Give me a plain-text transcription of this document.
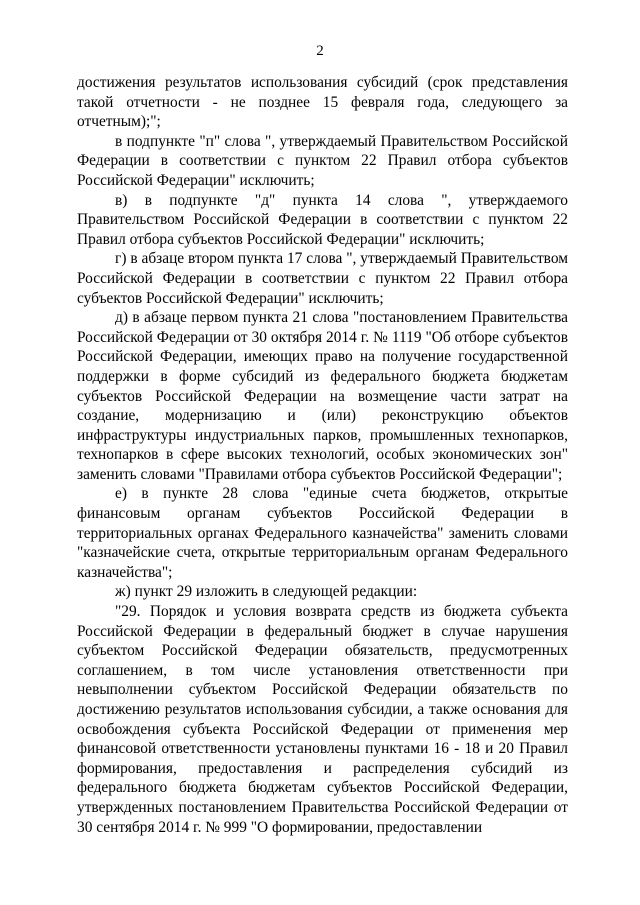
2

достижения результатов использования субсидий (срок представления такой отчетности - не позднее 15 февраля года, следующего за отчетным);";

в подпункте "п" слова ", утверждаемый Правительством Российской Федерации в соответствии с пунктом 22 Правил отбора субъектов Российской Федерации" исключить;

в) в подпункте "д" пункта 14 слова ", утверждаемого Правительством Российской Федерации в соответствии с пунктом 22 Правил отбора субъектов Российской Федерации" исключить;

г) в абзаце втором пункта 17 слова ", утверждаемый Правительством Российской Федерации в соответствии с пунктом 22 Правил отбора субъектов Российской Федерации" исключить;

д) в абзаце первом пункта 21 слова "постановлением Правительства Российской Федерации от 30 октября 2014 г. № 1119 "Об отборе субъектов Российской Федерации, имеющих право на получение государственной поддержки в форме субсидий из федерального бюджета бюджетам субъектов Российской Федерации на возмещение части затрат на создание, модернизацию и (или) реконструкцию объектов инфраструктуры индустриальных парков, промышленных технопарков, технопарков в сфере высоких технологий, особых экономических зон" заменить словами "Правилами отбора субъектов Российской Федерации";

е) в пункте 28 слова "единые счета бюджетов, открытые финансовым органам субъектов Российской Федерации в территориальных органах Федерального казначейства" заменить словами "казначейские счета, открытые территориальным органам Федерального казначейства";

ж) пункт 29 изложить в следующей редакции:

"29. Порядок и условия возврата средств из бюджета субъекта Российской Федерации в федеральный бюджет в случае нарушения субъектом Российской Федерации обязательств, предусмотренных соглашением, в том числе установления ответственности при невыполнении субъектом Российской Федерации обязательств по достижению результатов использования субсидии, а также основания для освобождения субъекта Российской Федерации от применения мер финансовой ответственности установлены пунктами 16 - 18 и 20 Правил формирования, предоставления и распределения субсидий из федерального бюджета бюджетам субъектов Российской Федерации, утвержденных постановлением Правительства Российской Федерации от 30 сентября 2014 г. № 999 "О формировании, предоставлении
